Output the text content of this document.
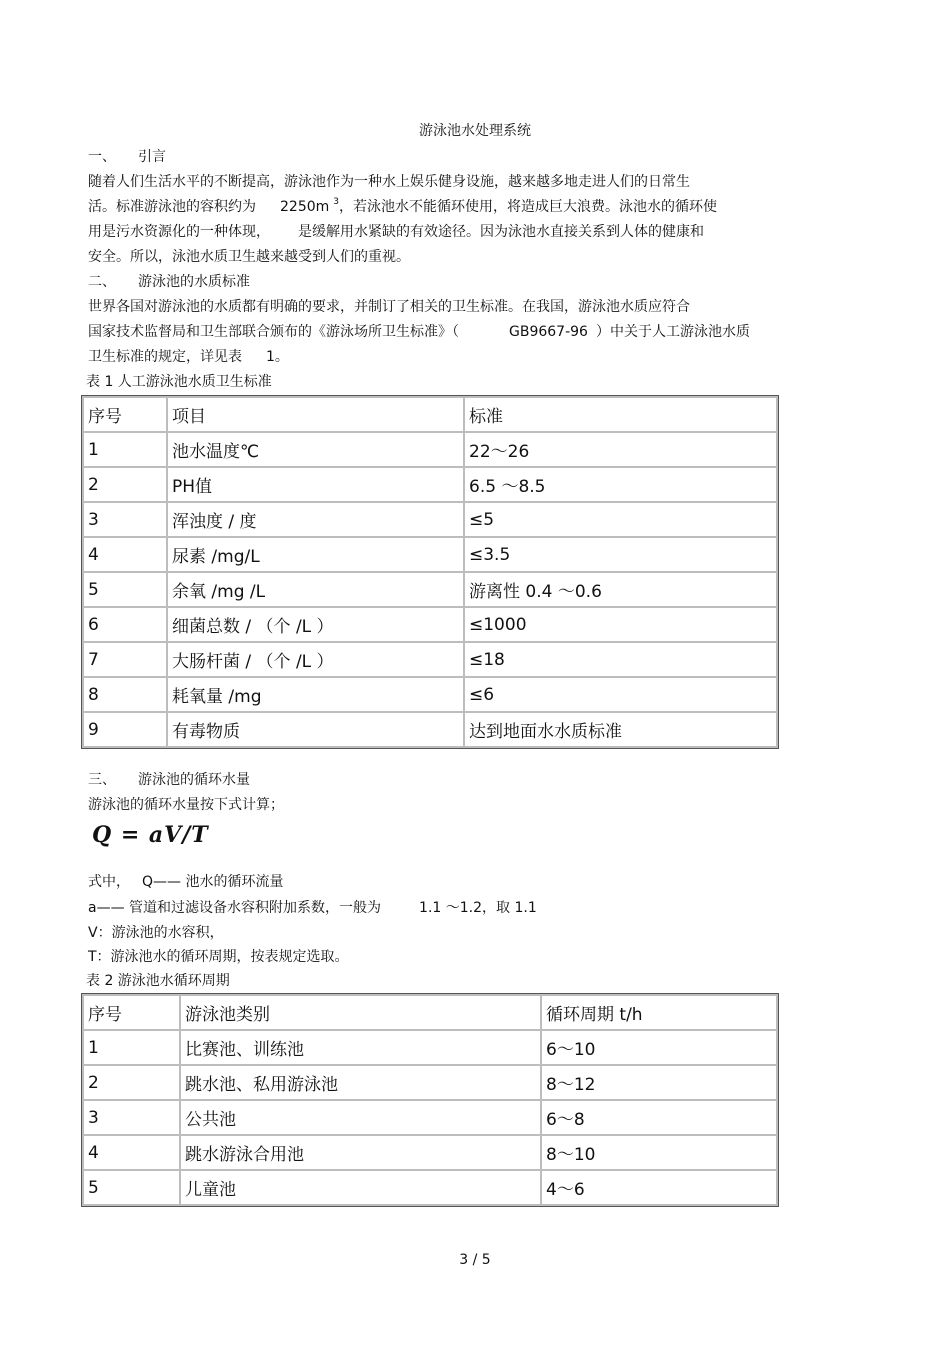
游泳池水处理系统
一、 引言
随着人们生活水平的不断提高，游泳池作为一种水上娱乐健身设施，越来越多地走进人们的日常生
活。标准游泳池的容积约为 2250m $^3$，若泳池水不能循环使用，将造成巨大浪费。泳池水的循环使
用是污水资源化的一种体现， 是缓解用水紧缺的有效途径。因为泳池水直接关系到人体的健康和
安全。所以，泳池水质卫生越来越受到人们的重视。
二、 游泳池的水质标准
世界各国对游泳池的水质都有明确的要求，并制订了相关的卫生标准。在我国，游泳池水质应符合
国家技术监督局和卫生部联合颁布的《游泳场所卫生标准》（	GB9667-96 ）中关于人工游泳池水质
卫生标准的规定，详见表 1。
表 1 人工游泳池水质卫生标准
序号	项目	标准
1	池水温度℃	22～26
2	PH值	6.5 ～8.5
3	浑浊度 / 度	≤5
4	尿素 /mg/L	≤3.5
5	余氧 /mg /L	游离性 0.4 ～0.6
6	细菌总数 / （个 /L ）	≤1000
7	大肠杆菌 / （个 /L ）	≤18
8	耗氧量 /mg	≤6
9	有毒物质	达到地面水水质标准
三、 游泳池的循环水量
游泳池的循环水量按下式计算；
Q = aV/T
式中， Q—— 池水的循环流量
a—— 管道和过滤设备水容积附加系数，一般为	1.1 ～1.2，取 1.1
V：游泳池的水容积，
T：游泳池水的循环周期，按表规定选取。
表 2 游泳池水循环周期
序号	游泳池类别	循环周期 t/h
1	比赛池、训练池	6～10
2	跳水池、私用游泳池	8～12
3	公共池	6～8
4	跳水游泳合用池	8～10
5	儿童池	4～6
3 / 5
